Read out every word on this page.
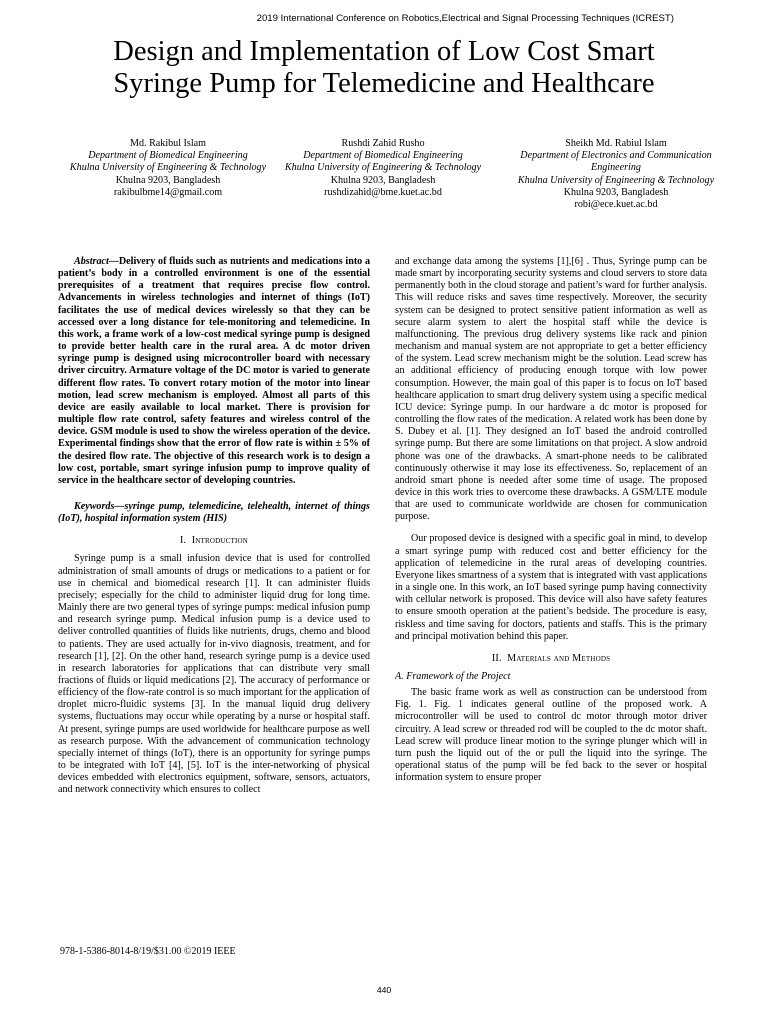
2019 International Conference on Robotics,Electrical and Signal Processing Techniques (ICREST)
Design and Implementation of Low Cost Smart
Syringe Pump for Telemedicine and Healthcare
Md. Rakibul Islam
Department of Biomedical Engineering
Khulna University of Engineering & Technology
Khulna 9203, Bangladesh
rakibulbme14@gmail.com
Rushdi Zahid Rusho
Department of Biomedical Engineering
Khulna University of Engineering & Technology
Khulna 9203, Bangladesh
rushdizahid@bme.kuet.ac.bd
Sheikh Md. Rabiul Islam
Department of Electronics and Communication Engineering
Khulna University of Engineering & Technology
Khulna 9203, Bangladesh
robi@ece.kuet.ac.bd

Abstract—Delivery of fluids such as nutrients and medications into a patient’s body in a controlled environment is one of the essential prerequisites of a treatment that requires precise flow control. Advancements in wireless technologies and internet of things (IoT) facilitates the use of medical devices wirelessly so that they can be accessed over a long distance for tele-monitoring and telemedicine. In this work, a frame work of a low-cost medical syringe pump is designed to provide better health care in the rural area. A dc motor driven syringe pump is designed using microcontroller board with necessary driver circuitry. Armature voltage of the DC motor is varied to generate different flow rates. To convert rotary motion of the motor into linear motion, lead screw mechanism is employed. Almost all parts of this device are easily available to local market. There is provision for multiple flow rate control, safety features and wireless control of the device. GSM module is used to show the wireless operation of the device. Experimental findings show that the error of flow rate is within ± 5% of the desired flow rate. The objective of this research work is to design a low cost, portable, smart syringe infusion pump to improve quality of service in the healthcare sector of developing countries.

Keywords—syringe pump, telemedicine, telehealth, internet of things (IoT), hospital information system (HIS)

I. Introduction

Syringe pump is a small infusion device that is used for controlled administration of small amounts of drugs or medications to a patient or for use in chemical and biomedical research [1]. It can administer fluids precisely; especially for the child to administer liquid drug for long time. Mainly there are two general types of syringe pumps: medical infusion pump and research syringe pump. Medical infusion pump is a device used to deliver controlled quantities of fluids like nutrients, drugs, chemo and blood to patients. They are used actually for in-vivo diagnosis, treatment, and for research [1], [2]. On the other hand, research syringe pump is a device used in research laboratories for applications that can distribute very small fractions of fluids or liquid medications [2]. The accuracy of performance or efficiency of the flow-rate control is so much important for the application of droplet micro-fluidic systems [3]. In the manual liquid drug delivery systems, fluctuations may occur while operating by a nurse or hospital staff. At present, syringe pumps are used worldwide for healthcare purpose as well as research purpose. With the advancement of communication technology specially internet of things (IoT), there is an opportunity for syringe pumps to be integrated with IoT [4], [5]. IoT is the inter-networking of physical devices embedded with electronics equipment, software, sensors, actuators, and network connectivity which ensures to collect

and exchange data among the systems [1],[6] . Thus, Syringe pump can be made smart by incorporating security systems and cloud servers to store data permanently both in the cloud storage and patient’s ward for further analysis. This will reduce risks and saves time respectively. Moreover, the security system can be designed to protect sensitive patient information as well as secure alarm system to alert the hospital staff while the device is malfunctioning. The previous drug delivery systems like rack and pinion mechanism and manual system are not appropriate to get a better efficiency of the system. Lead screw mechanism might be the solution. Lead screw has an additional efficiency of producing enough torque with low power consumption. However, the main goal of this paper is to focus on IoT based healthcare application to smart drug delivery system using a specific medical ICU device: Syringe pump. In our hardware a dc motor is proposed for controlling the flow rates of the medication. A related work has been done by S. Dubey et al. [1]. They designed an IoT based the android controlled syringe pump. But there are some limitations on that project. A slow android phone was one of the drawbacks. A smart-phone needs to be calibrated continuously otherwise it may lose its effectiveness. So, replacement of an android smart phone is needed after some time of usage. The proposed device in this work tries to overcome these drawbacks. A GSM/LTE module that are used to communicate worldwide are chosen for communication purpose.

Our proposed device is designed with a specific goal in mind, to develop a smart syringe pump with reduced cost and better efficiency for the application of telemedicine in the rural areas of developing countries. Everyone likes smartness of a system that is integrated with vast applications in a single one. In this work, an IoT based syringe pump having connectivity with cellular network is proposed. This device will also have safety features to ensure smooth operation at the patient’s bedside. The procedure is easy, riskless and time saving for doctors, patients and staffs. This is the primary and principal motivation behind this paper.

II. Materials and Methods
A. Framework of the Project

The basic frame work as well as construction can be understood from Fig. 1. Fig. 1 indicates general outline of the proposed work. A microcontroller will be used to control dc motor through motor driver circuitry. A lead screw or threaded rod will be coupled to the dc motor shaft. Lead screw will produce linear motion to the syringe plunger which will in turn push the liquid out of the or pull the liquid into the syringe. The operational status of the pump will be fed back to the sever or hospital information system to ensure proper

978-1-5386-8014-8/19/$31.00 ©2019 IEEE
440
